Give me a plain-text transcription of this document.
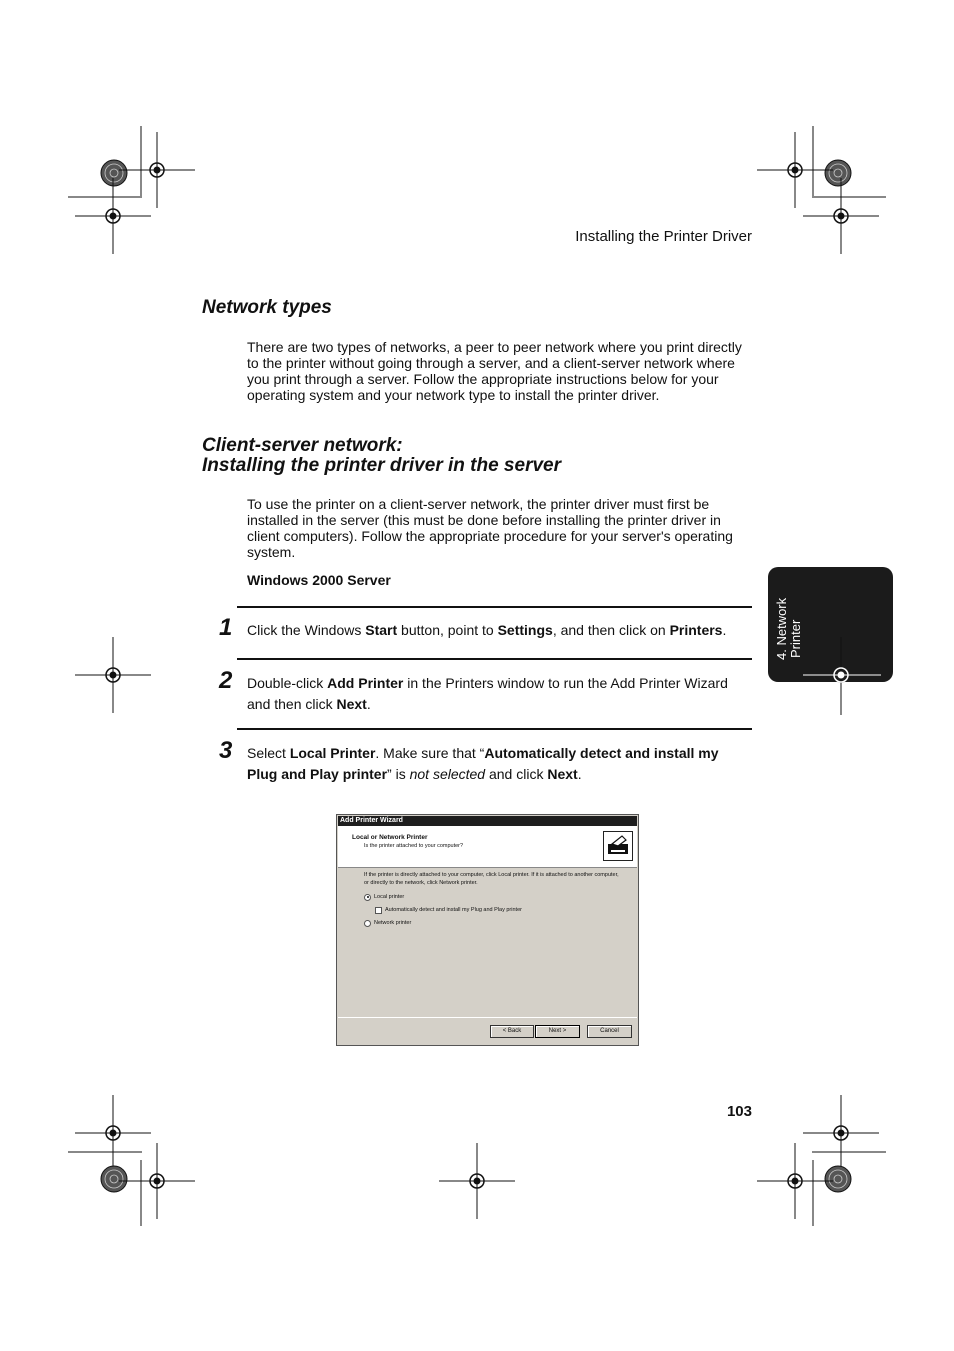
Installing the Printer Driver
Network types
There are two types of networks, a peer to peer network where you print directly to the printer without going through a server, and a client-server network where you print through a server. Follow the appropriate instructions below for your operating system and your network type to install the printer driver.
Client-server network:
Installing the printer driver in the server
To use the printer on a client-server network, the printer driver must first be installed in the server (this must be done before installing the printer driver in client computers). Follow the appropriate procedure for your server's operating system.
Windows 2000 Server
1 Click the Windows Start button, point to Settings, and then click on Printers.
2 Double-click Add Printer in the Printers window to run the Add Printer Wizard and then click Next.
3 Select Local Printer. Make sure that “Automatically detect and install my Plug and Play printer” is not selected and click Next.
Add Printer Wizard
Local or Network Printer
Is the printer attached to your computer?
If the printer is directly attached to your computer, click Local printer. If it is attached to another computer, or directly to the network, click Network printer.
Local printer
Automatically detect and install my Plug and Play printer
Network printer
< Back	Next >	Cancel
4. Network Printer
103
